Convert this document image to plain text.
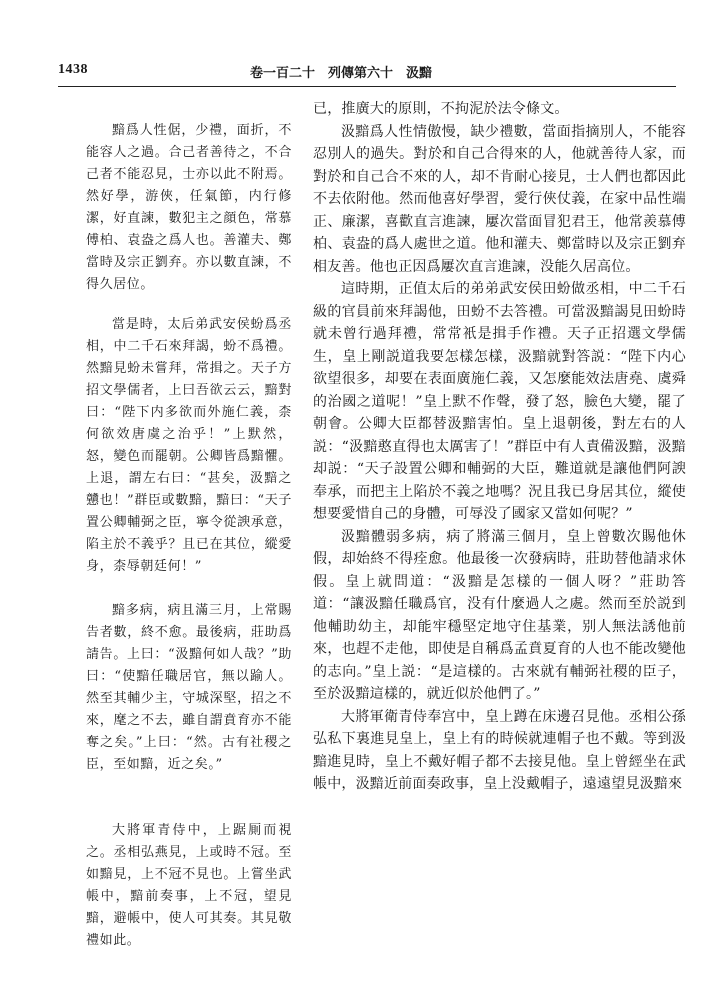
1438	卷一百二十　列傳第六十　汲黯

黯爲人性倨，少禮，面折，不能容人之過。合己者善待之，不合己者不能忍見，士亦以此不附焉。然好學，游俠，任氣節，内行修潔，好直諫，數犯主之顔色，常慕傅柏、袁盎之爲人也。善灌夫、鄭當時及宗正劉弃。亦以數直諫，不得久居位。

當是時，太后弟武安侯蚡爲丞相，中二千石來拜謁，蚡不爲禮。然黯見蚡未嘗拜，常揖之。天子方招文學儒者，上曰吾欲云云，黯對曰：“陛下内多欲而外施仁義，柰何欲效唐虞之治乎！”上默然，怒，變色而罷朝。公卿皆爲黯懼。上退，謂左右曰：“甚矣，汲黯之戇也！”群臣或數黯，黯曰：“天子置公卿輔弼之臣，寧令從諛承意，陷主於不義乎？且已在其位，縱愛身，柰辱朝廷何！”

黯多病，病且滿三月，上常賜告者數，終不愈。最後病，莊助爲請告。上曰：“汲黯何如人哉？”助曰：“使黯任職居官，無以踰人。然至其輔少主，守城深堅，招之不來，麾之不去，雖自謂賁育亦不能奪之矣。”上曰：“然。古有社稷之臣，至如黯，近之矣。”

大將軍青侍中，上踞厠而視之。丞相弘燕見，上或時不冠。至如黯見，上不冠不見也。上嘗坐武帳中，黯前奏事，上不冠，望見黯，避帳中，使人可其奏。其見敬禮如此。

已，推廣大的原則，不拘泥於法令條文。

汲黯爲人性情傲慢，缺少禮數，當面指摘別人，不能容忍別人的過失。對於和自己合得來的人，他就善待人家，而對於和自己合不來的人，却不肯耐心接見，士人們也都因此不去依附他。然而他喜好學習，愛行俠仗義，在家中品性端正、廉潔，喜歡直言進諫，屢次當面冒犯君王，他常羨慕傅柏、袁盎的爲人處世之道。他和灌夫、鄭當時以及宗正劉弃相友善。他也正因爲屢次直言進諫，没能久居高位。

這時期，正值太后的弟弟武安侯田蚡做丞相，中二千石級的官員前來拜謁他，田蚡不去答禮。可當汲黯謁見田蚡時就未曾行過拜禮，常常衹是揖手作禮。天子正招選文學儒生，皇上剛説道我要怎樣怎樣，汲黯就對答説：“陛下内心欲望很多，却要在表面廣施仁義，又怎麼能效法唐堯、虞舜的治國之道呢！”皇上默不作聲，發了怒，臉色大變，罷了朝會。公卿大臣都替汲黯害怕。皇上退朝後，對左右的人説：“汲黯憨直得也太厲害了！”群臣中有人責備汲黯，汲黯却説：“天子設置公卿和輔弼的大臣，難道就是讓他們阿諛奉承，而把主上陷於不義之地嗎？況且我已身居其位，縱使想要愛惜自己的身體，可辱没了國家又當如何呢？”

汲黯體弱多病，病了將滿三個月，皇上曾數次賜他休假，却始終不得痊愈。他最後一次發病時，莊助替他請求休假。皇上就問道：“汲黯是怎樣的一個人呀？”莊助答道：“讓汲黯任職爲官，没有什麼過人之處。然而至於説到他輔助幼主，却能牢穩堅定地守住基業，别人無法誘他前來，也趕不走他，即使是自稱爲孟賁夏育的人也不能改變他的志向。”皇上説：“是這樣的。古來就有輔弼社稷的臣子，至於汲黯這樣的，就近似於他們了。”

大將軍衛青侍奉宫中，皇上蹲在床邊召見他。丞相公孫弘私下裏進見皇上，皇上有的時候就連帽子也不戴。等到汲黯進見時，皇上不戴好帽子都不去接見他。皇上曾經坐在武帳中，汲黯近前面奏政事，皇上没戴帽子，遠遠望見汲黯來
